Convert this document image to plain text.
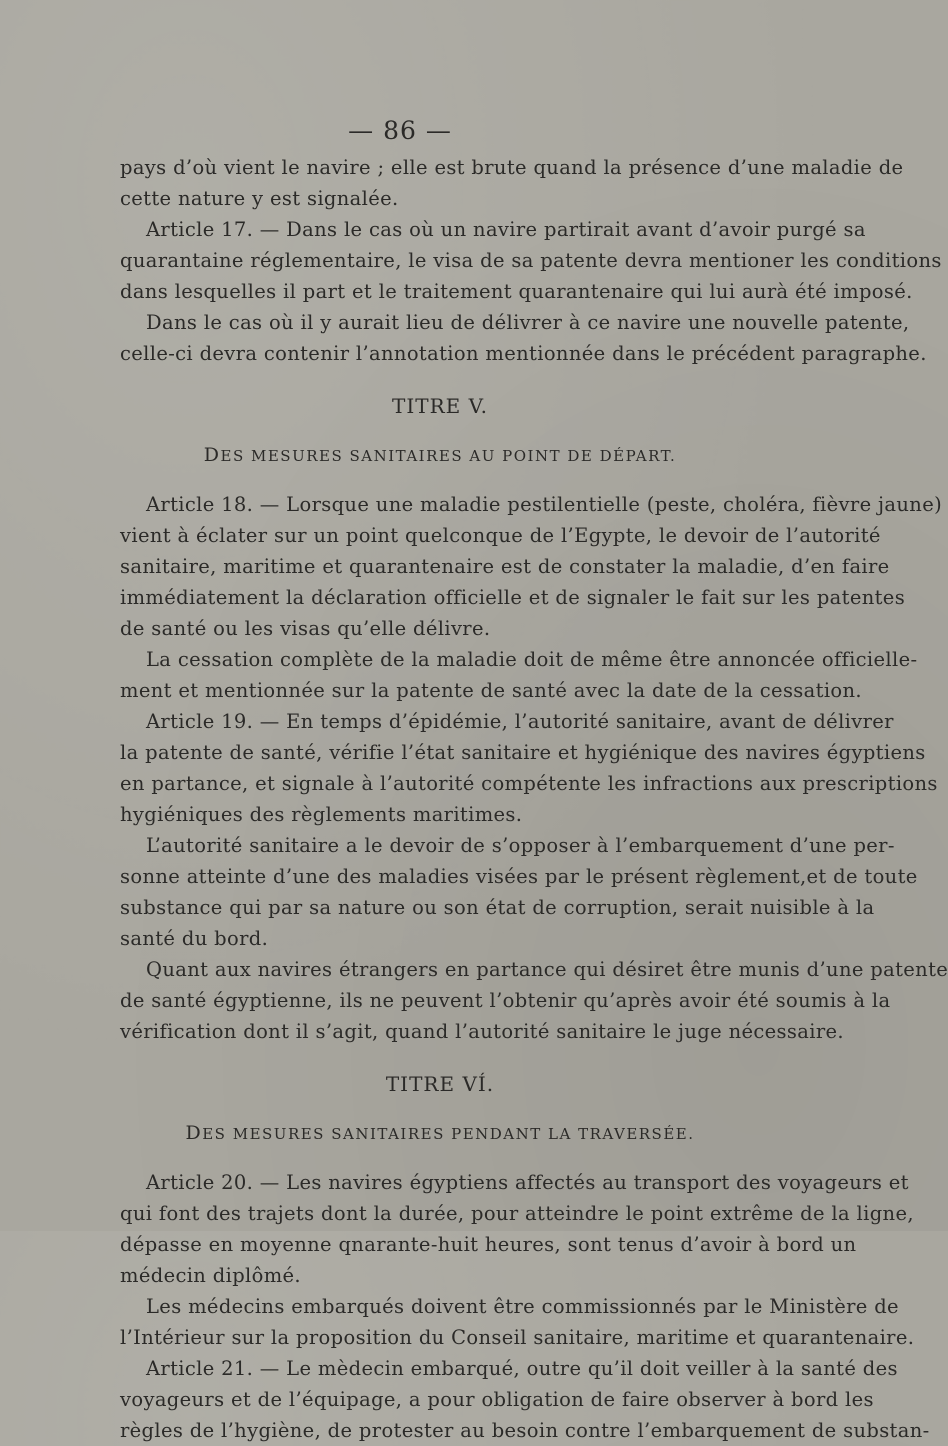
— 86 —
pays d’où vient le navire ; elle est brute quand la présence d’une maladie de
cette nature y est signalée.
Article 17. — Dans le cas où un navire partirait avant d’avoir purgé sa
quarantaine réglementaire, le visa de sa patente devra mentioner les conditions
dans lesquelles il part et le traitement quarantenaire qui lui aurà été imposé.
Dans le cas où il y aurait lieu de délivrer à ce navire une nouvelle patente,
celle-ci devra contenir l’annotation mentionnée dans le précédent paragraphe.
TITRE V.
DES MESURES SANITAIRES AU POINT DE DÉPART.
Article 18. — Lorsque une maladie pestilentielle (peste, choléra, fièvre jaune)
vient à éclater sur un point quelconque de l’Egypte, le devoir de l’autorité
sanitaire, maritime et quarantenaire est de constater la maladie, d’en faire
immédiatement la déclaration officielle et de signaler le fait sur les patentes
de santé ou les visas qu’elle délivre.
La cessation complète de la maladie doit de même être annoncée officielle-
ment et mentionnée sur la patente de santé avec la date de la cessation.
Article 19. — En temps d’épidémie, l’autorité sanitaire, avant de délivrer
la patente de santé, vérifie l’état sanitaire et hygiénique des navires égyptiens
en partance, et signale à l’autorité compétente les infractions aux prescriptions
hygiéniques des règlements maritimes.
L’autorité sanitaire a le devoir de s’opposer à l’embarquement d’une per-
sonne atteinte d’une des maladies visées par le présent règlement,et de toute
substance qui par sa nature ou son état de corruption, serait nuisible à la
santé du bord.
Quant aux navires étrangers en partance qui désiret être munis d’une patente
de santé égyptienne, ils ne peuvent l’obtenir qu’après avoir été soumis à la
vérification dont il s’agit, quand l’autorité sanitaire le juge nécessaire.
TITRE VÍ.
DES MESURES SANITAIRES PENDANT LA TRAVERSÉE.
Article 20. — Les navires égyptiens affectés au transport des voyageurs et
qui font des trajets dont la durée, pour atteindre le point extrême de la ligne,
dépasse en moyenne qnarante-huit heures, sont tenus d’avoir à bord un
médecin diplômé.
Les médecins embarqués doivent être commissionnés par le Ministère de
l’Intérieur sur la proposition du Conseil sanitaire, maritime et quarantenaire.
Article 21. — Le mèdecin embarqué, outre qu’il doit veiller à la santé des
voyageurs et de l’équipage, a pour obligation de faire observer à bord les
règles de l’hygiène, de protester au besoin contre l’embarquement de substan-
